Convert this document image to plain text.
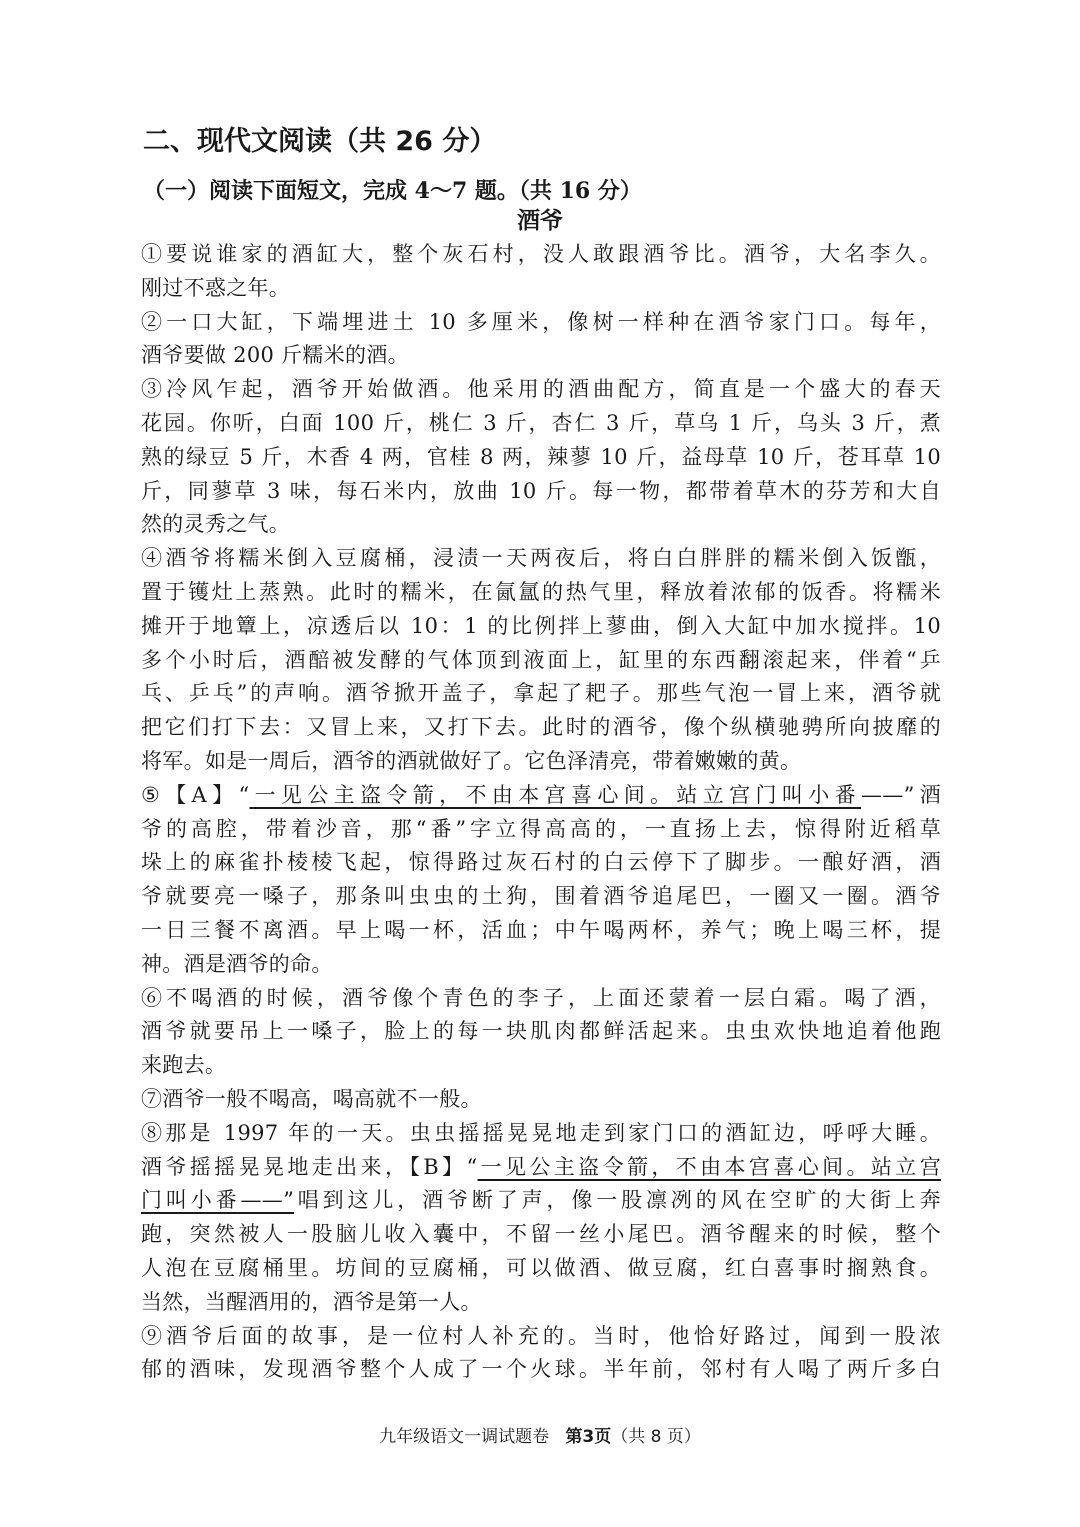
二、现代文阅读（共 26 分）
（一）阅读下面短文，完成 4～7 题。（共 16 分）
酒爷
①要说谁家的酒缸大，整个灰石村，没人敢跟酒爷比。酒爷，大名李久。
刚过不惑之年。
②一口大缸，下端埋进土 10 多厘米，像树一样种在酒爷家门口。每年，
酒爷要做 200 斤糯米的酒。
③冷风乍起，酒爷开始做酒。他采用的酒曲配方，简直是一个盛大的春天
花园。你听，白面 100 斤，桃仁 3 斤，杏仁 3 斤，草乌 1 斤，乌头 3 斤，煮
熟的绿豆 5 斤，木香 4 两，官桂 8 两，辣蓼 10 斤，益母草 10 斤，苍耳草 10
斤，同蓼草 3 味，每石米内，放曲 10 斤。每一物，都带着草木的芬芳和大自
然的灵秀之气。
④酒爷将糯米倒入豆腐桶，浸渍一天两夜后，将白白胖胖的糯米倒入饭甑，
置于镬灶上蒸熟。此时的糯米，在氤氲的热气里，释放着浓郁的饭香。将糯米
摊开于地簟上，凉透后以 10：1 的比例拌上蓼曲，倒入大缸中加水搅拌。10
多个小时后，酒醅被发酵的气体顶到液面上，缸里的东西翻滚起来，伴着“乒
乓、乒乓”的声响。酒爷掀开盖子，拿起了耙子。那些气泡一冒上来，酒爷就
把它们打下去：又冒上来，又打下去。此时的酒爷，像个纵横驰骋所向披靡的
将军。如是一周后，酒爷的酒就做好了。它色泽清亮，带着嫩嫩的黄。
⑤【A】“一见公主盗令箭，不由本宫喜心间。站立宫门叫小番——”酒
爷的高腔，带着沙音，那“番”字立得高高的，一直扬上去，惊得附近稻草
垛上的麻雀扑棱棱飞起，惊得路过灰石村的白云停下了脚步。一酿好酒，酒
爷就要亮一嗓子，那条叫虫虫的土狗，围着酒爷追尾巴，一圈又一圈。酒爷
一日三餐不离酒。早上喝一杯，活血；中午喝两杯，养气；晚上喝三杯，提
神。酒是酒爷的命。
⑥不喝酒的时候，酒爷像个青色的李子，上面还蒙着一层白霜。喝了酒，
酒爷就要吊上一嗓子，脸上的每一块肌肉都鲜活起来。虫虫欢快地追着他跑
来跑去。
⑦酒爷一般不喝高，喝高就不一般。
⑧那是 1997 年的一天。虫虫摇摇晃晃地走到家门口的酒缸边，呼呼大睡。
酒爷摇摇晃晃地走出来，【B】“一见公主盗令箭，不由本宫喜心间。站立宫
门叫小番——”唱到这儿，酒爷断了声，像一股凛冽的风在空旷的大街上奔
跑，突然被人一股脑儿收入囊中，不留一丝小尾巴。酒爷醒来的时候，整个
人泡在豆腐桶里。坊间的豆腐桶，可以做酒、做豆腐，红白喜事时搁熟食。
当然，当醒酒用的，酒爷是第一人。
⑨酒爷后面的故事，是一位村人补充的。当时，他恰好路过，闻到一股浓
郁的酒味，发现酒爷整个人成了一个火球。半年前，邻村有人喝了两斤多白
九年级语文一调试题卷 第3页（共 8 页）
